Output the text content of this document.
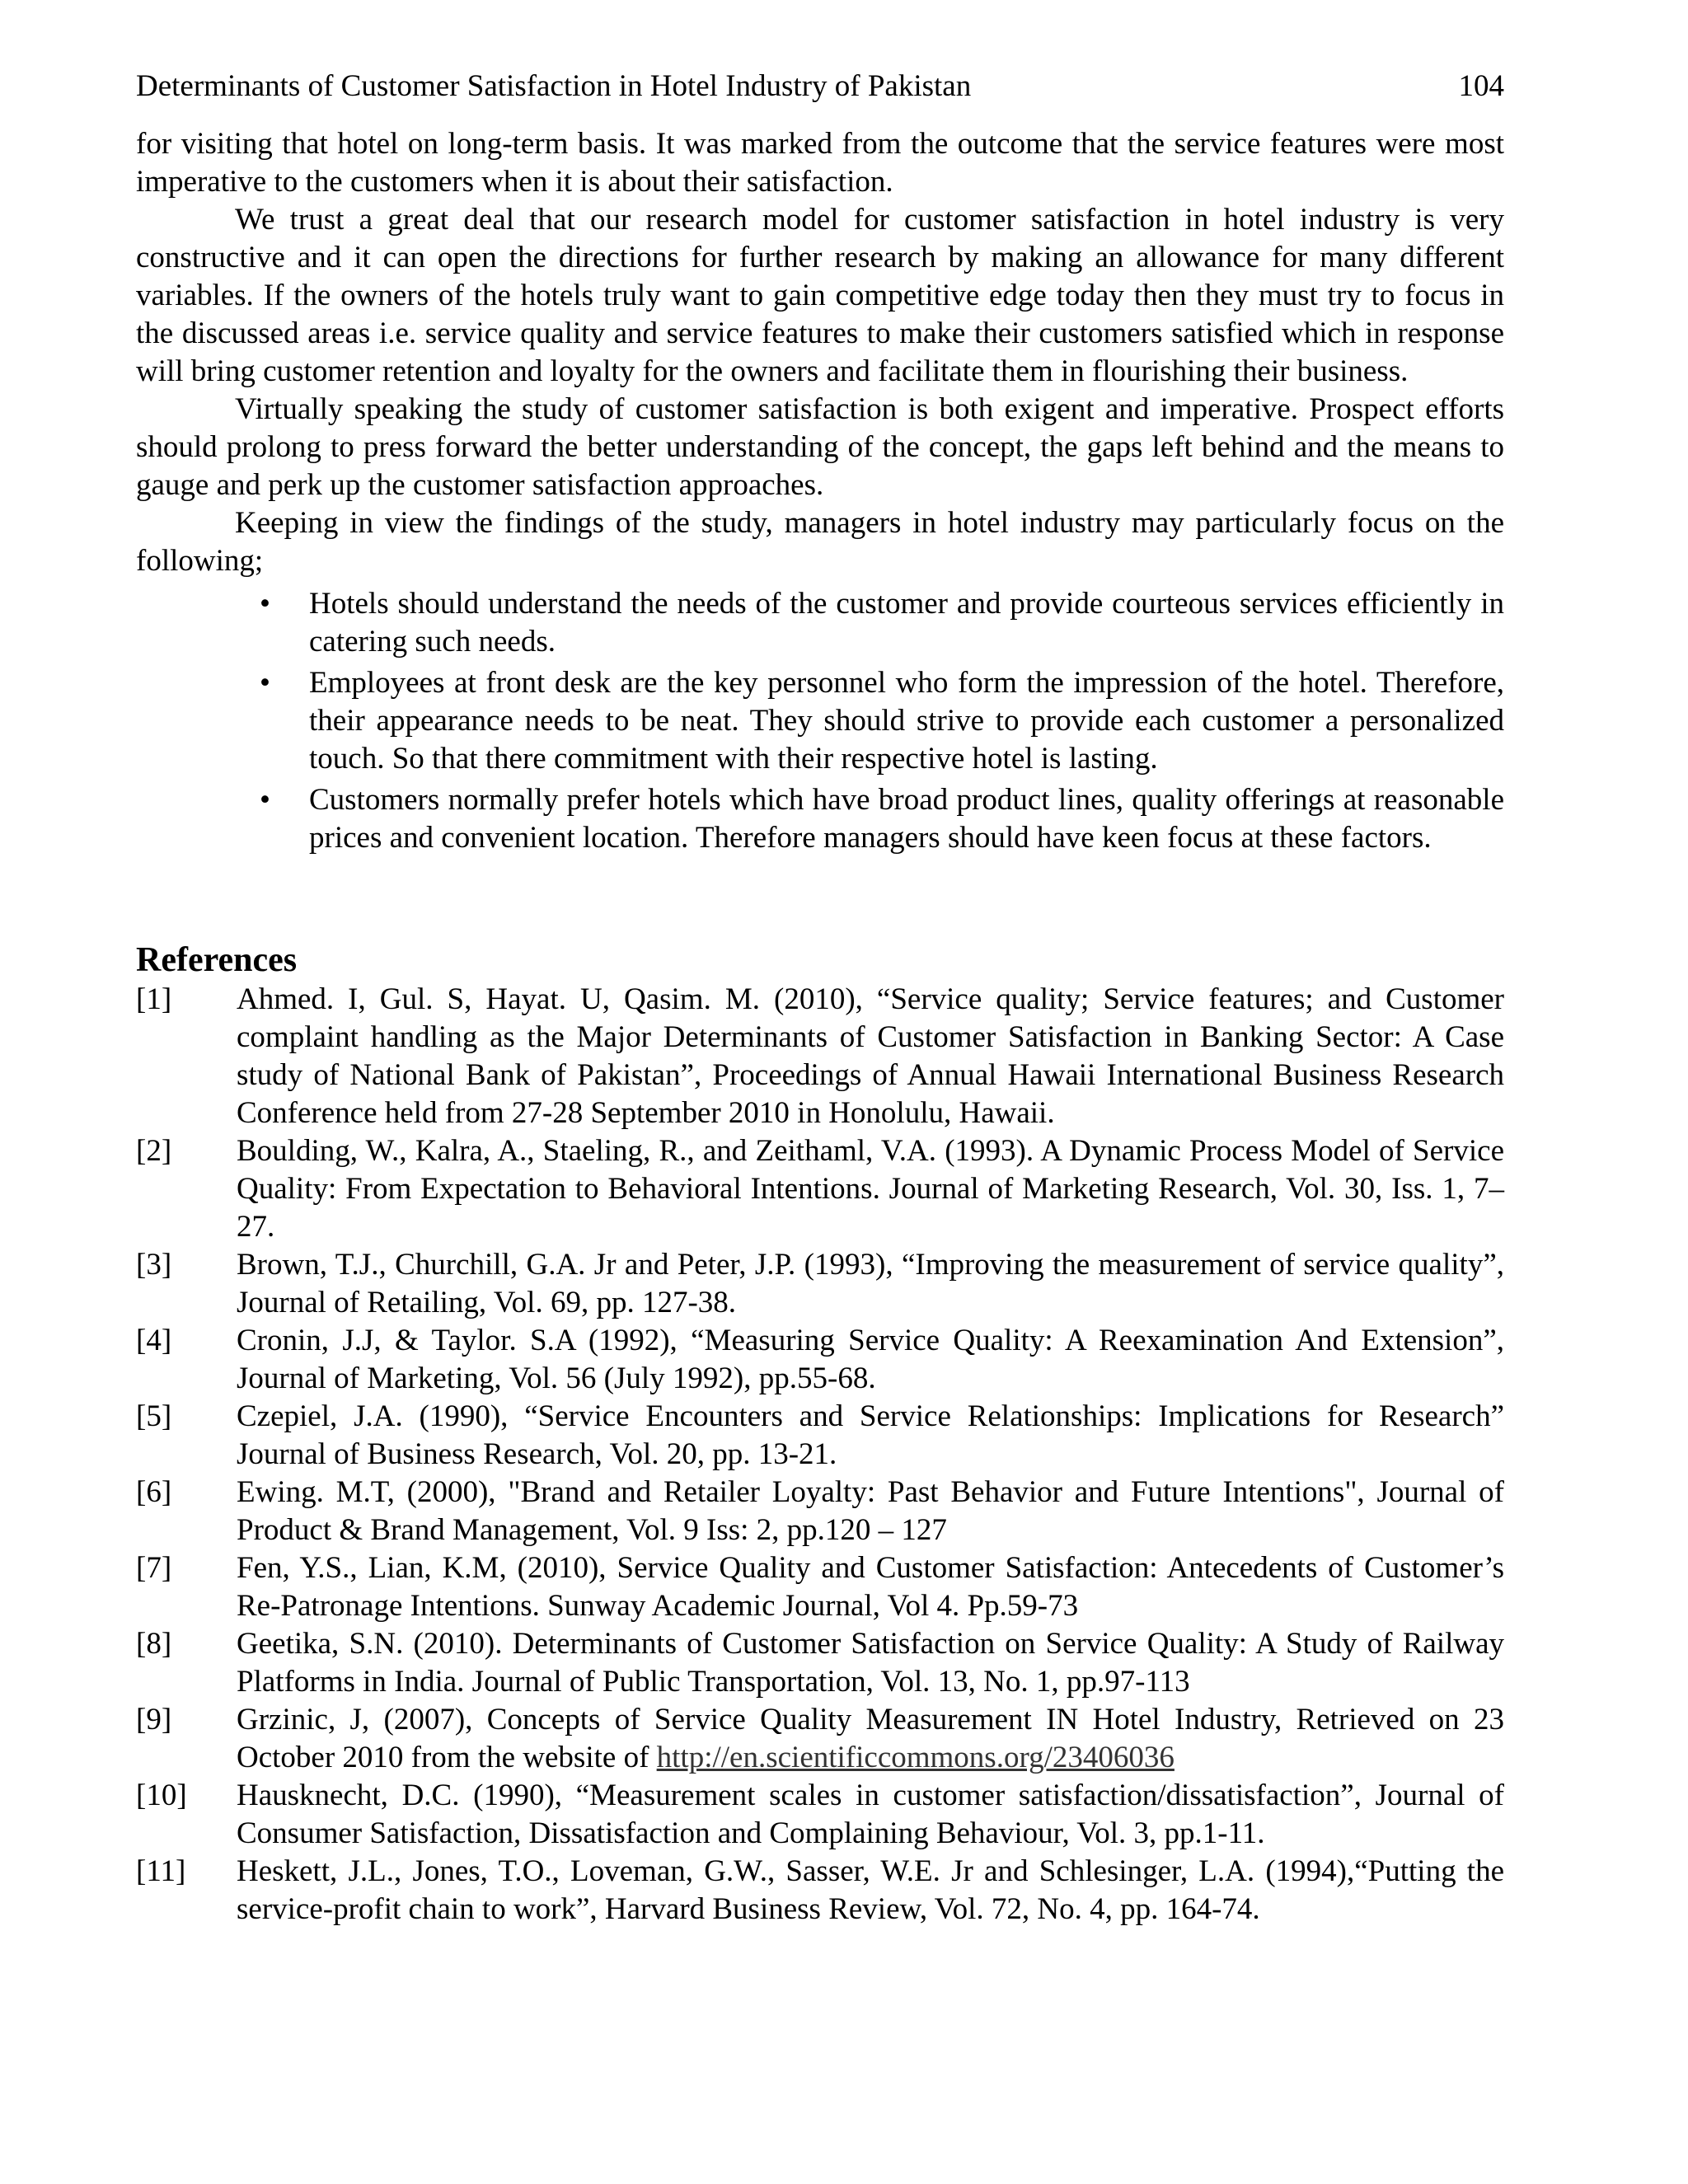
Determinants of Customer Satisfaction in Hotel Industry of Pakistan	104

for visiting that hotel on long-term basis. It was marked from the outcome that the service features were most imperative to the customers when it is about their satisfaction.

We trust a great deal that our research model for customer satisfaction in hotel industry is very constructive and it can open the directions for further research by making an allowance for many different variables. If the owners of the hotels truly want to gain competitive edge today then they must try to focus in the discussed areas i.e. service quality and service features to make their customers satisfied which in response will bring customer retention and loyalty for the owners and facilitate them in flourishing their business.

Virtually speaking the study of customer satisfaction is both exigent and imperative. Prospect efforts should prolong to press forward the better understanding of the concept, the gaps left behind and the means to gauge and perk up the customer satisfaction approaches.

Keeping in view the findings of the study, managers in hotel industry may particularly focus on the following;

• Hotels should understand the needs of the customer and provide courteous services efficiently in catering such needs.
• Employees at front desk are the key personnel who form the impression of the hotel. Therefore, their appearance needs to be neat. They should strive to provide each customer a personalized touch. So that there commitment with their respective hotel is lasting.
• Customers normally prefer hotels which have broad product lines, quality offerings at reasonable prices and convenient location. Therefore managers should have keen focus at these factors.
References
[1] Ahmed. I, Gul. S, Hayat. U, Qasim. M. (2010), “Service quality; Service features; and Customer complaint handling as the Major Determinants of Customer Satisfaction in Banking Sector: A Case study of National Bank of Pakistan”, Proceedings of Annual Hawaii International Business Research Conference held from 27-28 September 2010 in Honolulu, Hawaii.
[2] Boulding, W., Kalra, A., Staeling, R., and Zeithaml, V.A. (1993). A Dynamic Process Model of Service Quality: From Expectation to Behavioral Intentions. Journal of Marketing Research, Vol. 30, Iss. 1, 7–27.
[3] Brown, T.J., Churchill, G.A. Jr and Peter, J.P. (1993), “Improving the measurement of service quality”, Journal of Retailing, Vol. 69, pp. 127-38.
[4] Cronin, J.J, & Taylor. S.A (1992), “Measuring Service Quality: A Reexamination And Extension”, Journal of Marketing, Vol. 56 (July 1992), pp.55-68.
[5] Czepiel, J.A. (1990), “Service Encounters and Service Relationships: Implications for Research” Journal of Business Research, Vol. 20, pp. 13-21.
[6] Ewing. M.T, (2000), "Brand and Retailer Loyalty: Past Behavior and Future Intentions", Journal of Product & Brand Management, Vol. 9 Iss: 2, pp.120 – 127
[7] Fen, Y.S., Lian, K.M, (2010), Service Quality and Customer Satisfaction: Antecedents of Customer’s Re-Patronage Intentions. Sunway Academic Journal, Vol 4. Pp.59-73
[8] Geetika, S.N. (2010). Determinants of Customer Satisfaction on Service Quality: A Study of Railway Platforms in India. Journal of Public Transportation, Vol. 13, No. 1, pp.97-113
[9] Grzinic, J, (2007), Concepts of Service Quality Measurement IN Hotel Industry, Retrieved on 23 October 2010 from the website of http://en.scientificcommons.org/23406036
[10] Hausknecht, D.C. (1990), “Measurement scales in customer satisfaction/dissatisfaction”, Journal of Consumer Satisfaction, Dissatisfaction and Complaining Behaviour, Vol. 3, pp.1-11.
[11] Heskett, J.L., Jones, T.O., Loveman, G.W., Sasser, W.E. Jr and Schlesinger, L.A. (1994),“Putting the service-profit chain to work”, Harvard Business Review, Vol. 72, No. 4, pp. 164-74.
